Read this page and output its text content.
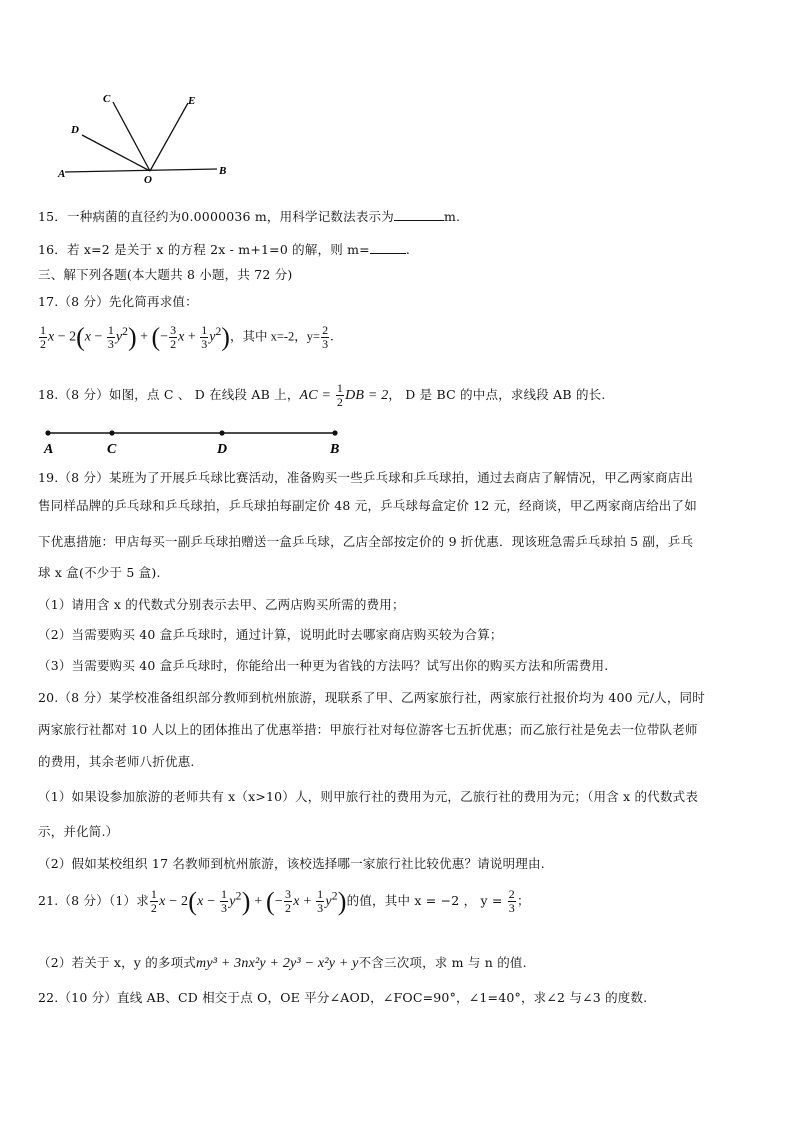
A	B
C
D
E
O
15．一种病菌的直径约为0.0000036 m，用科学记数法表示为	m.
16．若 x=2 是关于 x 的方程 2x - m+1=0 的解，则 m=	.
三、解下列各题(本大题共 8 小题，共 72 分)
17.（8 分）先化简再求值：
$\frac{1}{2}$ $x - 2(x - \frac{1}{3} y^2)$ + (− $\frac{3}{2}$ $x + \frac{1}{3} y^2$)，其中 x=-2，$y= \frac{2}{3}$ .
18.（8 分）如图，点 C 、 D 在线段 AB 上，AC = $\frac{1}{2}$ DB = 2， D 是 BC 的中点，求线段 AB 的长.
A	C	D	B
19.（8 分）某班为了开展乒乓球比赛活动，准备购买一些乒乓球和乒乓球拍，通过去商店了解情况，甲乙两家商店出
售同样品牌的乒乓球和乒乓球拍，乒乓球拍每副定价 48 元，乒乓球每盒定价 12 元，经商谈，甲乙两家商店给出了如
下优惠措施：甲店每买一副乒乓球拍赠送一盒乒乓球，乙店全部按定价的 9 折优惠．现该班急需乒乓球拍 5 副，乒乓
球 x 盒(不少于 5 盒).
（1）请用含 x 的代数式分别表示去甲、乙两店购买所需的费用；
（2）当需要购买 40 盒乒乓球时，通过计算，说明此时去哪家商店购买较为合算；
（3）当需要购买 40 盒乒乓球时，你能给出一种更为省钱的方法吗？试写出你的购买方法和所需费用.
20.（8 分）某学校准备组织部分教师到杭州旅游，现联系了甲、乙两家旅行社，两家旅行社报价均为 400 元/人，同时
两家旅行社都对 10 人以上的团体推出了优惠举措：甲旅行社对每位游客七五折优惠；而乙旅行社是免去一位带队老师
的费用，其余老师八折优惠.
（1）如果设参加旅游的老师共有 x（x>10）人，则甲旅行社的费用为元，乙旅行社的费用为元；（用含 x 的代数式表
示，并化简.）
（2）假如某校组织 17 名教师到杭州旅游，该校选择哪一家旅行社比较优惠？请说明理由.
21.（8 分）（1）求 $\frac{1}{2}$ $x - 2(x - \frac{1}{3} y^2)$ + (− $\frac{3}{2}$ $x + \frac{1}{3} y^2$)的值，其中 x = −2 ， $y = \frac{2}{3}$ ；
（2）若关于 x，y 的多项式my³ + 3nx²y + 2y³ − x²y + y不含三次项，求 m 与 n 的值.
22.（10 分）直线 AB、CD 相交于点 O，OE 平分∠AOD，∠FOC=90°，∠1=40°，求∠2 与∠3 的度数.
